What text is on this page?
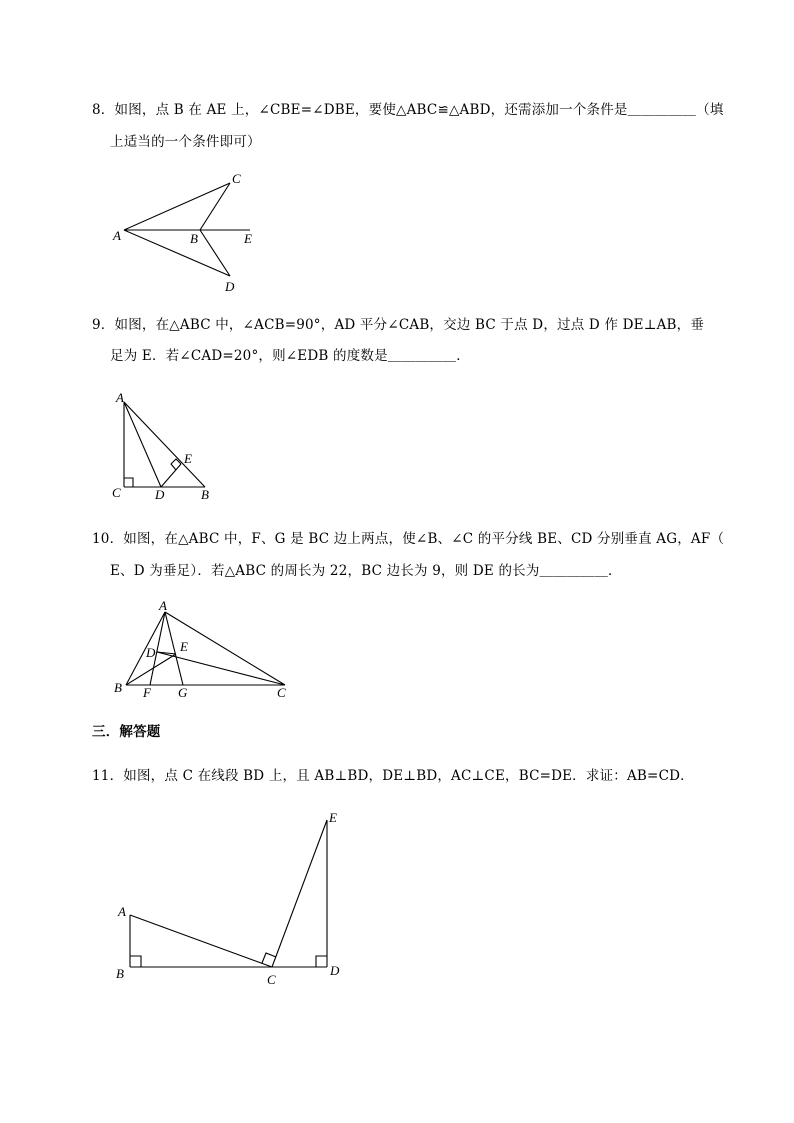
8．如图，点 B 在 AE 上，∠CBE=∠DBE，要使△ABC≌△ABD，还需添加一个条件是＿＿＿＿＿（填
上适当的一个条件即可）
A	B
C
D
E
9．如图，在△ABC 中，∠ACB=90°，AD 平分∠CAB，交边 BC 于点 D，过点 D 作 DE⊥AB，垂
足为 E．若∠CAD=20°，则∠EDB 的度数是＿＿＿＿＿．
A
B
C	D
E
10．如图，在△ABC 中，F、G 是 BC 边上两点，使∠B、∠C 的平分线 BE、CD 分别垂直 AG，AF（
E、D 为垂足）．若△ABC 的周长为 22，BC 边长为 9，则 DE 的长为＿＿＿＿＿．
A
B	C
D E
F G
三．解答题
11．如图，点 C 在线段 BD 上，且 AB⊥BD，DE⊥BD，AC⊥CE，BC=DE．求证：AB=CD．
A
B	C
D
E
